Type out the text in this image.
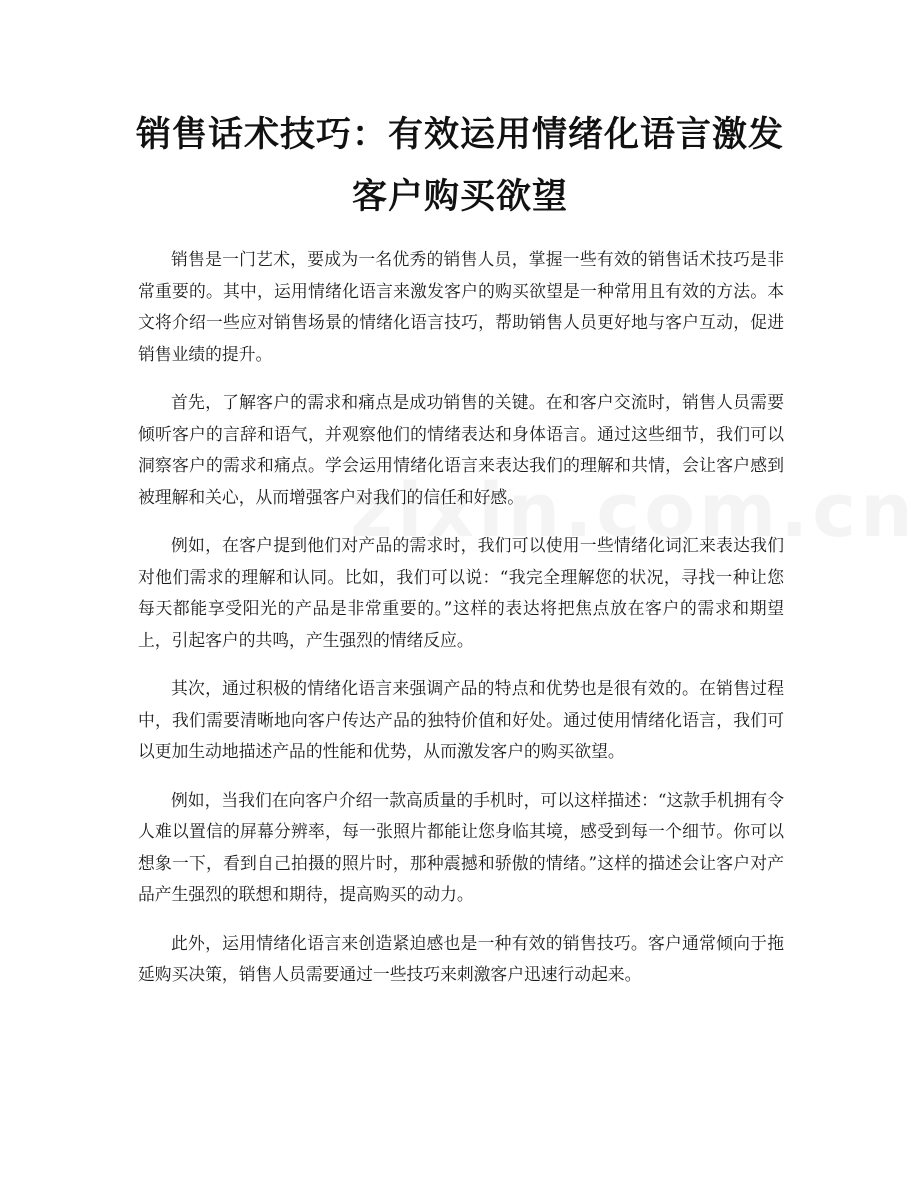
销售话术技巧：有效运用情绪化语言激发客户购买欲望

销售是一门艺术，要成为一名优秀的销售人员，掌握一些有效的销售话术技巧是非常重要的。其中，运用情绪化语言来激发客户的购买欲望是一种常用且有效的方法。本文将介绍一些应对销售场景的情绪化语言技巧，帮助销售人员更好地与客户互动，促进销售业绩的提升。

首先，了解客户的需求和痛点是成功销售的关键。在和客户交流时，销售人员需要倾听客户的言辞和语气，并观察他们的情绪表达和身体语言。通过这些细节，我们可以洞察客户的需求和痛点。学会运用情绪化语言来表达我们的理解和共情，会让客户感到被理解和关心，从而增强客户对我们的信任和好感。

例如，在客户提到他们对产品的需求时，我们可以使用一些情绪化词汇来表达我们对他们需求的理解和认同。比如，我们可以说：“我完全理解您的状况，寻找一种让您每天都能享受阳光的产品是非常重要的。”这样的表达将把焦点放在客户的需求和期望上，引起客户的共鸣，产生强烈的情绪反应。

其次，通过积极的情绪化语言来强调产品的特点和优势也是很有效的。在销售过程中，我们需要清晰地向客户传达产品的独特价值和好处。通过使用情绪化语言，我们可以更加生动地描述产品的性能和优势，从而激发客户的购买欲望。

例如，当我们在向客户介绍一款高质量的手机时，可以这样描述：“这款手机拥有令人难以置信的屏幕分辨率，每一张照片都能让您身临其境，感受到每一个细节。你可以想象一下，看到自己拍摄的照片时，那种震撼和骄傲的情绪。”这样的描述会让客户对产品产生强烈的联想和期待，提高购买的动力。

此外，运用情绪化语言来创造紧迫感也是一种有效的销售技巧。客户通常倾向于拖延购买决策，销售人员需要通过一些技巧来刺激客户迅速行动起来。
